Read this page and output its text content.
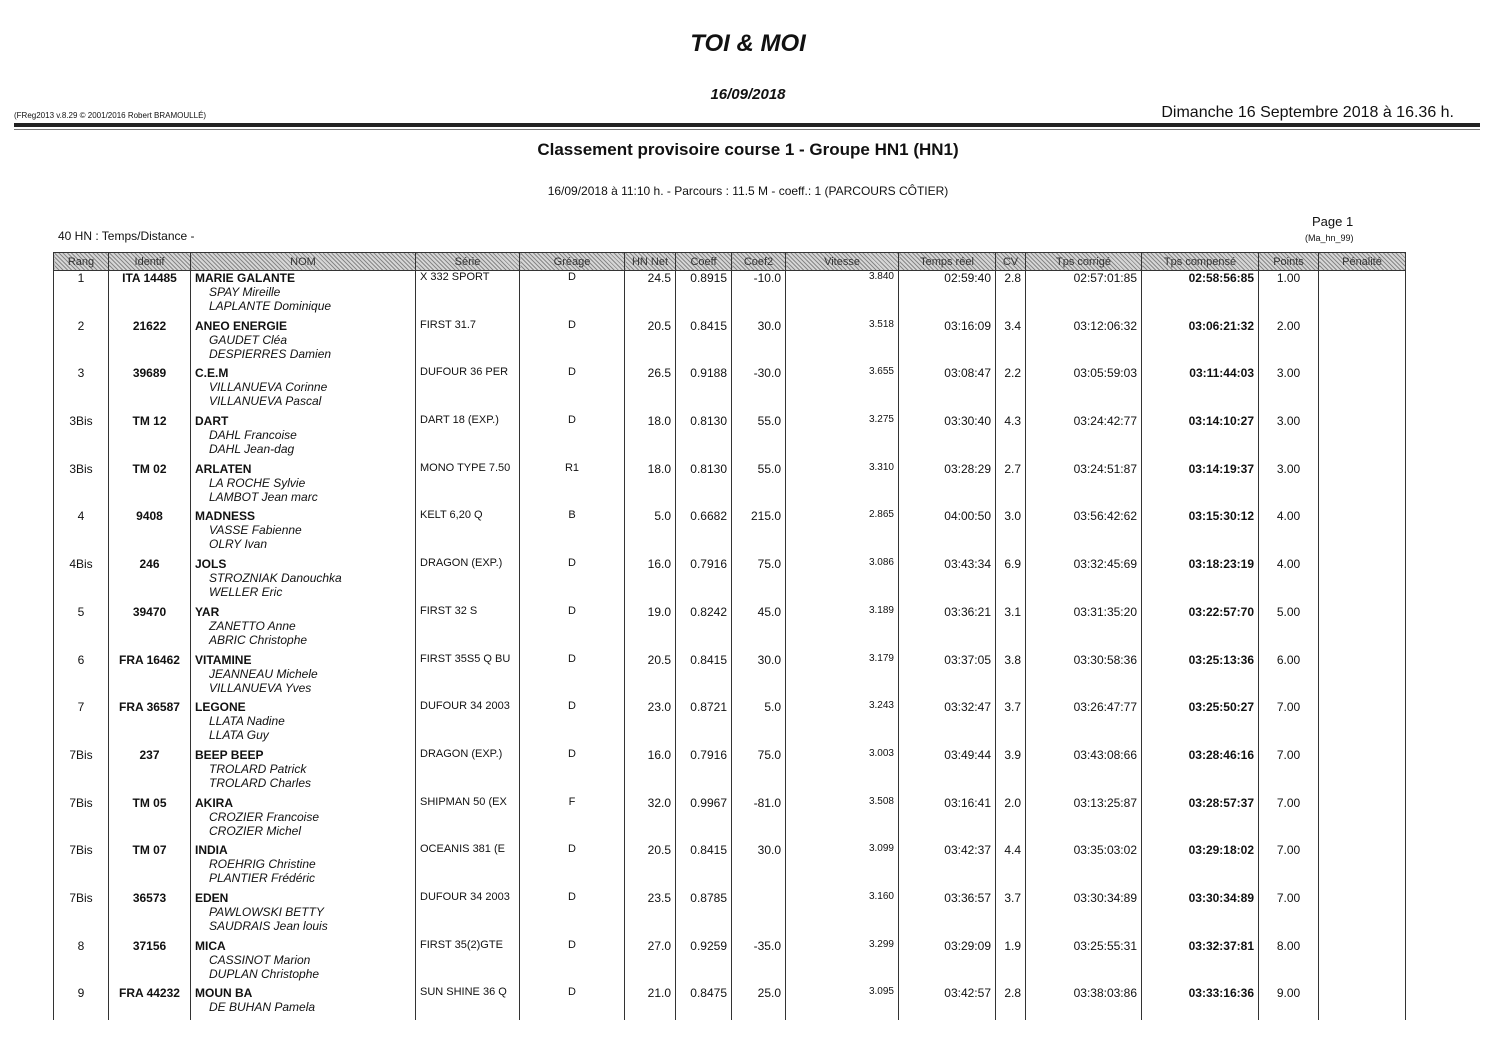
TOI & MOI
16/09/2018
(FReg2013 v.8.29 © 2001/2016 Robert BRAMOULLÉ)	Dimanche 16 Septembre 2018 à 16.36 h.
Classement provisoire course 1 - Groupe HN1 (HN1)
16/09/2018 à 11:10 h. - Parcours : 11.5 M - coeff.: 1 (PARCOURS CÔTIER)
40 HN : Temps/Distance -
Page 1
(Ma_hn_99)
Rang	Identif	NOM	Série	Gréage	HN Net	Coeff	Coef2	Vitesse	Temps réel	CV	Tps corrigé	Tps compensé	Points	Pénalité
1	ITA 14485	MARIE GALANTE
SPAY Mireille
LAPLANTE Dominique	X 332 SPORT	D	24.5	0.8915	-10.0	3.840	02:59:40	2.8	02:57:01:85	02:58:56:85	1.00	
2	21622	ANEO ENERGIE
GAUDET Cléa
DESPIERRES Damien	FIRST 31.7	D	20.5	0.8415	30.0	3.518	03:16:09	3.4	03:12:06:32	03:06:21:32	2.00	
3	39689	C.E.M
VILLANUEVA Corinne
VILLANUEVA Pascal	DUFOUR 36 PER	D	26.5	0.9188	-30.0	3.655	03:08:47	2.2	03:05:59:03	03:11:44:03	3.00	
3Bis	TM 12	DART
DAHL Francoise
DAHL Jean-dag	DART 18 (EXP.)	D	18.0	0.8130	55.0	3.275	03:30:40	4.3	03:24:42:77	03:14:10:27	3.00	
3Bis	TM 02	ARLATEN
LA ROCHE Sylvie
LAMBOT Jean marc	MONO TYPE 7.50	R1	18.0	0.8130	55.0	3.310	03:28:29	2.7	03:24:51:87	03:14:19:37	3.00	
4	9408	MADNESS
VASSE Fabienne
OLRY Ivan	KELT 6,20 Q	B	5.0	0.6682	215.0	2.865	04:00:50	3.0	03:56:42:62	03:15:30:12	4.00	
4Bis	246	JOLS
STROZNIAK Danouchka
WELLER Eric	DRAGON (EXP.)	D	16.0	0.7916	75.0	3.086	03:43:34	6.9	03:32:45:69	03:18:23:19	4.00	
5	39470	YAR
ZANETTO Anne
ABRIC Christophe	FIRST 32 S	D	19.0	0.8242	45.0	3.189	03:36:21	3.1	03:31:35:20	03:22:57:70	5.00	
6	FRA 16462	VITAMINE
JEANNEAU Michele
VILLANUEVA Yves	FIRST 35S5 Q BU	D	20.5	0.8415	30.0	3.179	03:37:05	3.8	03:30:58:36	03:25:13:36	6.00	
7	FRA 36587	LEGONE
LLATA Nadine
LLATA Guy	DUFOUR 34 2003	D	23.0	0.8721	5.0	3.243	03:32:47	3.7	03:26:47:77	03:25:50:27	7.00	
7Bis	237	BEEP BEEP
TROLARD Patrick
TROLARD Charles	DRAGON (EXP.)	D	16.0	0.7916	75.0	3.003	03:49:44	3.9	03:43:08:66	03:28:46:16	7.00	
7Bis	TM 05	AKIRA
CROZIER Francoise
CROZIER Michel	SHIPMAN 50 (EX	F	32.0	0.9967	-81.0	3.508	03:16:41	2.0	03:13:25:87	03:28:57:37	7.00	
7Bis	TM 07	INDIA
ROEHRIG Christine
PLANTIER Frédéric	OCEANIS 381 (E	D	20.5	0.8415	30.0	3.099	03:42:37	4.4	03:35:03:02	03:29:18:02	7.00	
7Bis	36573	EDEN
PAWLOWSKI BETTY
SAUDRAIS Jean louis	DUFOUR 34 2003	D	23.5	0.8785		3.160	03:36:57	3.7	03:30:34:89	03:30:34:89	7.00	
8	37156	MICA
CASSINOT Marion
DUPLAN Christophe	FIRST 35(2)GTE	D	27.0	0.9259	-35.0	3.299	03:29:09	1.9	03:25:55:31	03:32:37:81	8.00	
9	FRA 44232	MOUN BA
DE BUHAN Pamela	SUN SHINE 36 Q	D	21.0	0.8475	25.0	3.095	03:42:57	2.8	03:38:03:86	03:33:16:36	9.00	
